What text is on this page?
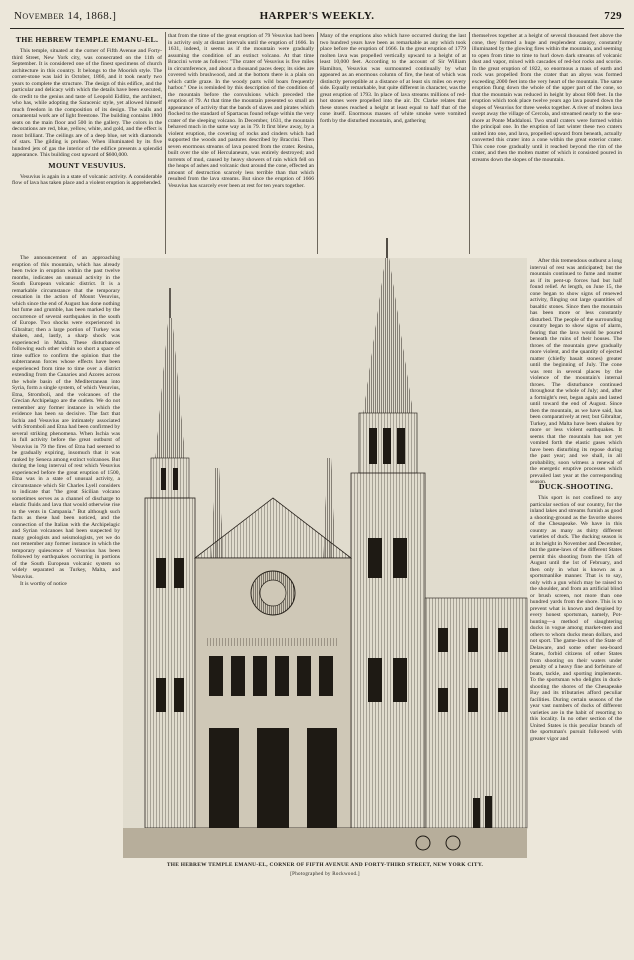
November 14, 1868.]	HARPER'S WEEKLY.	729
THE HEBREW TEMPLE EMANU-EL.

This temple, situated at the corner of Fifth Avenue and Forty-third Street, New York city, was consecrated on the 11th of September. It is considered one of the finest specimens of church architecture in this country. It belongs to the Moorish style. The corner-stone was laid in October, 1866, and it took nearly two years to complete the structure. The design of this edifice, and the particular and delicacy with which the details have been executed, do credit to the genius and taste of Leopold Eidlitz, the architect, who has, while adopting the Saracenic style, yet allowed himself much freedom in the composition of its design. The walls and ornamental work are of light freestone. The building contains 1800 seats on the main floor and 500 in the gallery. The colors in the decorations are red, blue, yellow, white, and gold, and the effect is most brilliant. The ceilings are of a deep blue, set with diamonds of stars. The gilding is profuse. When illuminated by its five hundred jets of gas the interior of the edifice presents a splendid appearance. This building cost upward of $600,000.

MOUNT VESUVIUS.

Vesuvius is again in a state of volcanic activity. A considerable flow of lava has taken place and a violent eruption is apprehended.

The announcement of an approaching eruption of this mountain, which has already been twice in eruption within the past twelve months, indicates an unusual activity in the South European volcanic district. It is a remarkable circumstance that the temporary cessation in the action of Mount Vesuvius, which since the end of August has done nothing but fume and grumble, has been marked by the occurrence of several earthquakes in the south of Europe. Two shocks were experienced in Gibraltar; then a large portion of Turkey was shaken, and, lastly, a sharp shock was experienced in Malta. These disturbances following each other within so short a space of time suffice to confirm the opinion that the subterranean forces whose effects have been experienced from time to time over a district extending from the Canaries and Azores across the whole basin of the Mediterranean into Syria, form a single system, of which Vesuvius, Etna, Stromboli, and the volcanoes of the Grecian Archipelago are the outlets. We do not remember any former instance in which the evidence has been so decisive. The fact that Ischia and Vesuvius are intimately associated with Stromboli and Etna had been confirmed by several striking phenomena. When Ischia was in full activity before the great outburst of Vesuvius in 79 the fires of Etna had seemed to be gradually expiring, insomuch that it was ranked by Seneca among extinct volcanoes. But during the long interval of rest which Vesuvius experienced before the great eruption of 1500, Etna was in a state of unusual activity, a circumstance which Sir Charles Lyell considers to indicate that "the great Sicilian volcano sometimes serves as a channel of discharge to elastic fluids and lava that would otherwise rise to the vents in Campania." But although such facts as these had been noticed, and the connection of the Italian with the Archipelagic and Syrian volcanoes had been suspected by many geologists and seismologists, yet we do not remember any former instance in which the temporary quiescence of Vesuvius has been followed by earthquakes occurring in portions of the South European volcanic system so widely separated as Turkey, Malta, and Vesuvius.

It is worthy of notice

that from the time of the great eruption of 79 Vesuvius had been in activity only at distant intervals until the eruption of 1666. In 1631, indeed, it seems as if the mountain were gradually assuming the condition of an extinct volcano. At that time Braccini wrote as follows: "The crater of Vesuvius is five miles in circumference, and about a thousand paces deep; its sides are covered with brushwood, and at the bottom there is a plain on which cattle graze. In the woody parts wild boars frequently harbor." One is reminded by this description of the condition of the mountain before the convulsions which preceded the eruption of 79. At that time the mountain presented so small an appearance of activity that the bands of slaves and pirates which flocked to the standard of Spartacus found refuge within the very crater of the sleeping volcano. In December, 1631, the mountain behaved much in the same way as in 79. It first blew away, by a violent eruption, the covering of rocks and cinders which had supported the woods and pastures described by Braccini. Then seven enormous streams of lava poured from the crater. Resina, built over the site of Herculaneum, was entirely destroyed; and torrents of mud, caused by heavy showers of rain which fell on the heaps of ashes and volcanic dust around the cone, effected an amount of destruction scarcely less terrible than that which resulted from the lava streams. But since the eruption of 1666 Vesuvius has scarcely ever been at rest for ten years together.

Many of the eruptions also which have occurred during the last two hundred years have been as remarkable as any which took place before the eruption of 1666. In the great eruption of 1779 molten lava was propelled vertically upward to a height of at least 10,000 feet. According to the account of Sir William Hamilton, Vesuvius was surmounted continually by what appeared as an enormous column of fire, the heat of which was distinctly perceptible at a distance of at least six miles on every side. Equally remarkable, but quite different in character, was the great eruption of 1793. In place of lava streams millions of red-hot stones were propelled into the air. Dr. Clarke relates that these stones reached a height at least equal to half that of the cone itself. Enormous masses of white smoke were vomited forth by the disturbed mountain, and, gathering

themselves together at a height of several thousand feet above the cone, they formed a huge and resplendent canopy, constantly illuminated by the glowing fires within the mountain, and seeming to open from time to time to hurl down dark streams of volcanic dust and vapor, mixed with cascades of red-hot rocks and scoriæ. In the great eruption of 1822, so enormous a mass of earth and rock was propelled from the crater that an abyss was formed exceeding 2000 feet into the very heart of the mountain. The same eruption flung down the whole of the upper part of the cone, so that the mountain was reduced in height by about 800 feet. In the eruption which took place twelve years ago lava poured down the slopes of Vesuvius for three weeks together. A river of molten lava swept away the village of Cercola, and streamed nearly to the sea-shore at Ponte Maddaloni. Two small craters were formed within the principal one. In the eruption of last winter these two craters united into one, and lava, propelled upward from beneath, actually converted this crater into a cone within the great exterior crater. This cone rose gradually until it reached beyond the rim of the crater, and then the molten matter of which it consisted poured in streams down the slopes of the mountain.

After this tremendous outburst a long interval of rest was anticipated; but the mountain continued to fume and mutter as if its pent-up forces had but half found relief. At length, on June 15, the cone began to show signs of renewed activity, flinging out large quantities of basaltic stones. Since then the mountain has been more or less constantly disturbed. The people of the surrounding country began to show signs of alarm, fearing that the lava would be poured beneath the ruins of their houses. The throes of the mountain grew gradually more violent, and the quantity of ejected matter (chiefly basalt stones) greater until the beginning of July. The cone was rent in several places by the violence of the mountain's internal throes. The disturbance continued throughout the whole of July; and, after a fortnight's rest, began again and lasted until toward the end of August. Since then the mountain, as we have said, has been comparatively at rest; but Gibraltar, Turkey, and Malta have been shaken by more or less violent earthquakes. It seems that the mountain has not yet vomited forth the elastic gases which have been disturbing its repose during the past year; and we shall, in all probability, soon witness a renewal of the energetic eruptive processes which prevailed last year at the corresponding season.

DUCK-SHOOTING.

This sport is not confined to any particular section of our country, for the inland lakes and streams furnish as good a shooting-ground as the favorite shores of the Chesapeake. We have in this country as many as thirty different varieties of duck. The ducking season is at its height in November and December, but the game-laws of the different States permit this shooting from the 15th of August until the 1st of February, and then only in what is known as a sportsmanlike manner. That is to say, only with a gun which may be raised to the shoulder, and from an artificial blind or brush screen, not more than one hundred yards from the shore. This is to prevent what is known and despised by every honest sportsman, namely, Pot-hunting—a method of slaughtering ducks in vogue among market-men and others to whom ducks mean dollars, and not sport. The game-laws of the State of Delaware, and some other sea-board States, forbid citizens of other States from shooting on their waters under penalty of a heavy fine and forfeiture of boats, tackle, and sporting implements. To the sportsman who delights in duck-shooting the shores of the Chesapeake Bay and its tributaries afford peculiar facilities. During certain seasons of the year vast numbers of ducks of different varieties are in the habit of resorting to this locality. In no other section of the United States is this peculiar branch of the sportsman's pursuit followed with greater vigor and

THE HEBREW TEMPLE EMANU-EL, CORNER OF FIFTH AVENUE AND FORTY-THIRD STREET, NEW YORK CITY.
[Photographed by Rockwood.]
